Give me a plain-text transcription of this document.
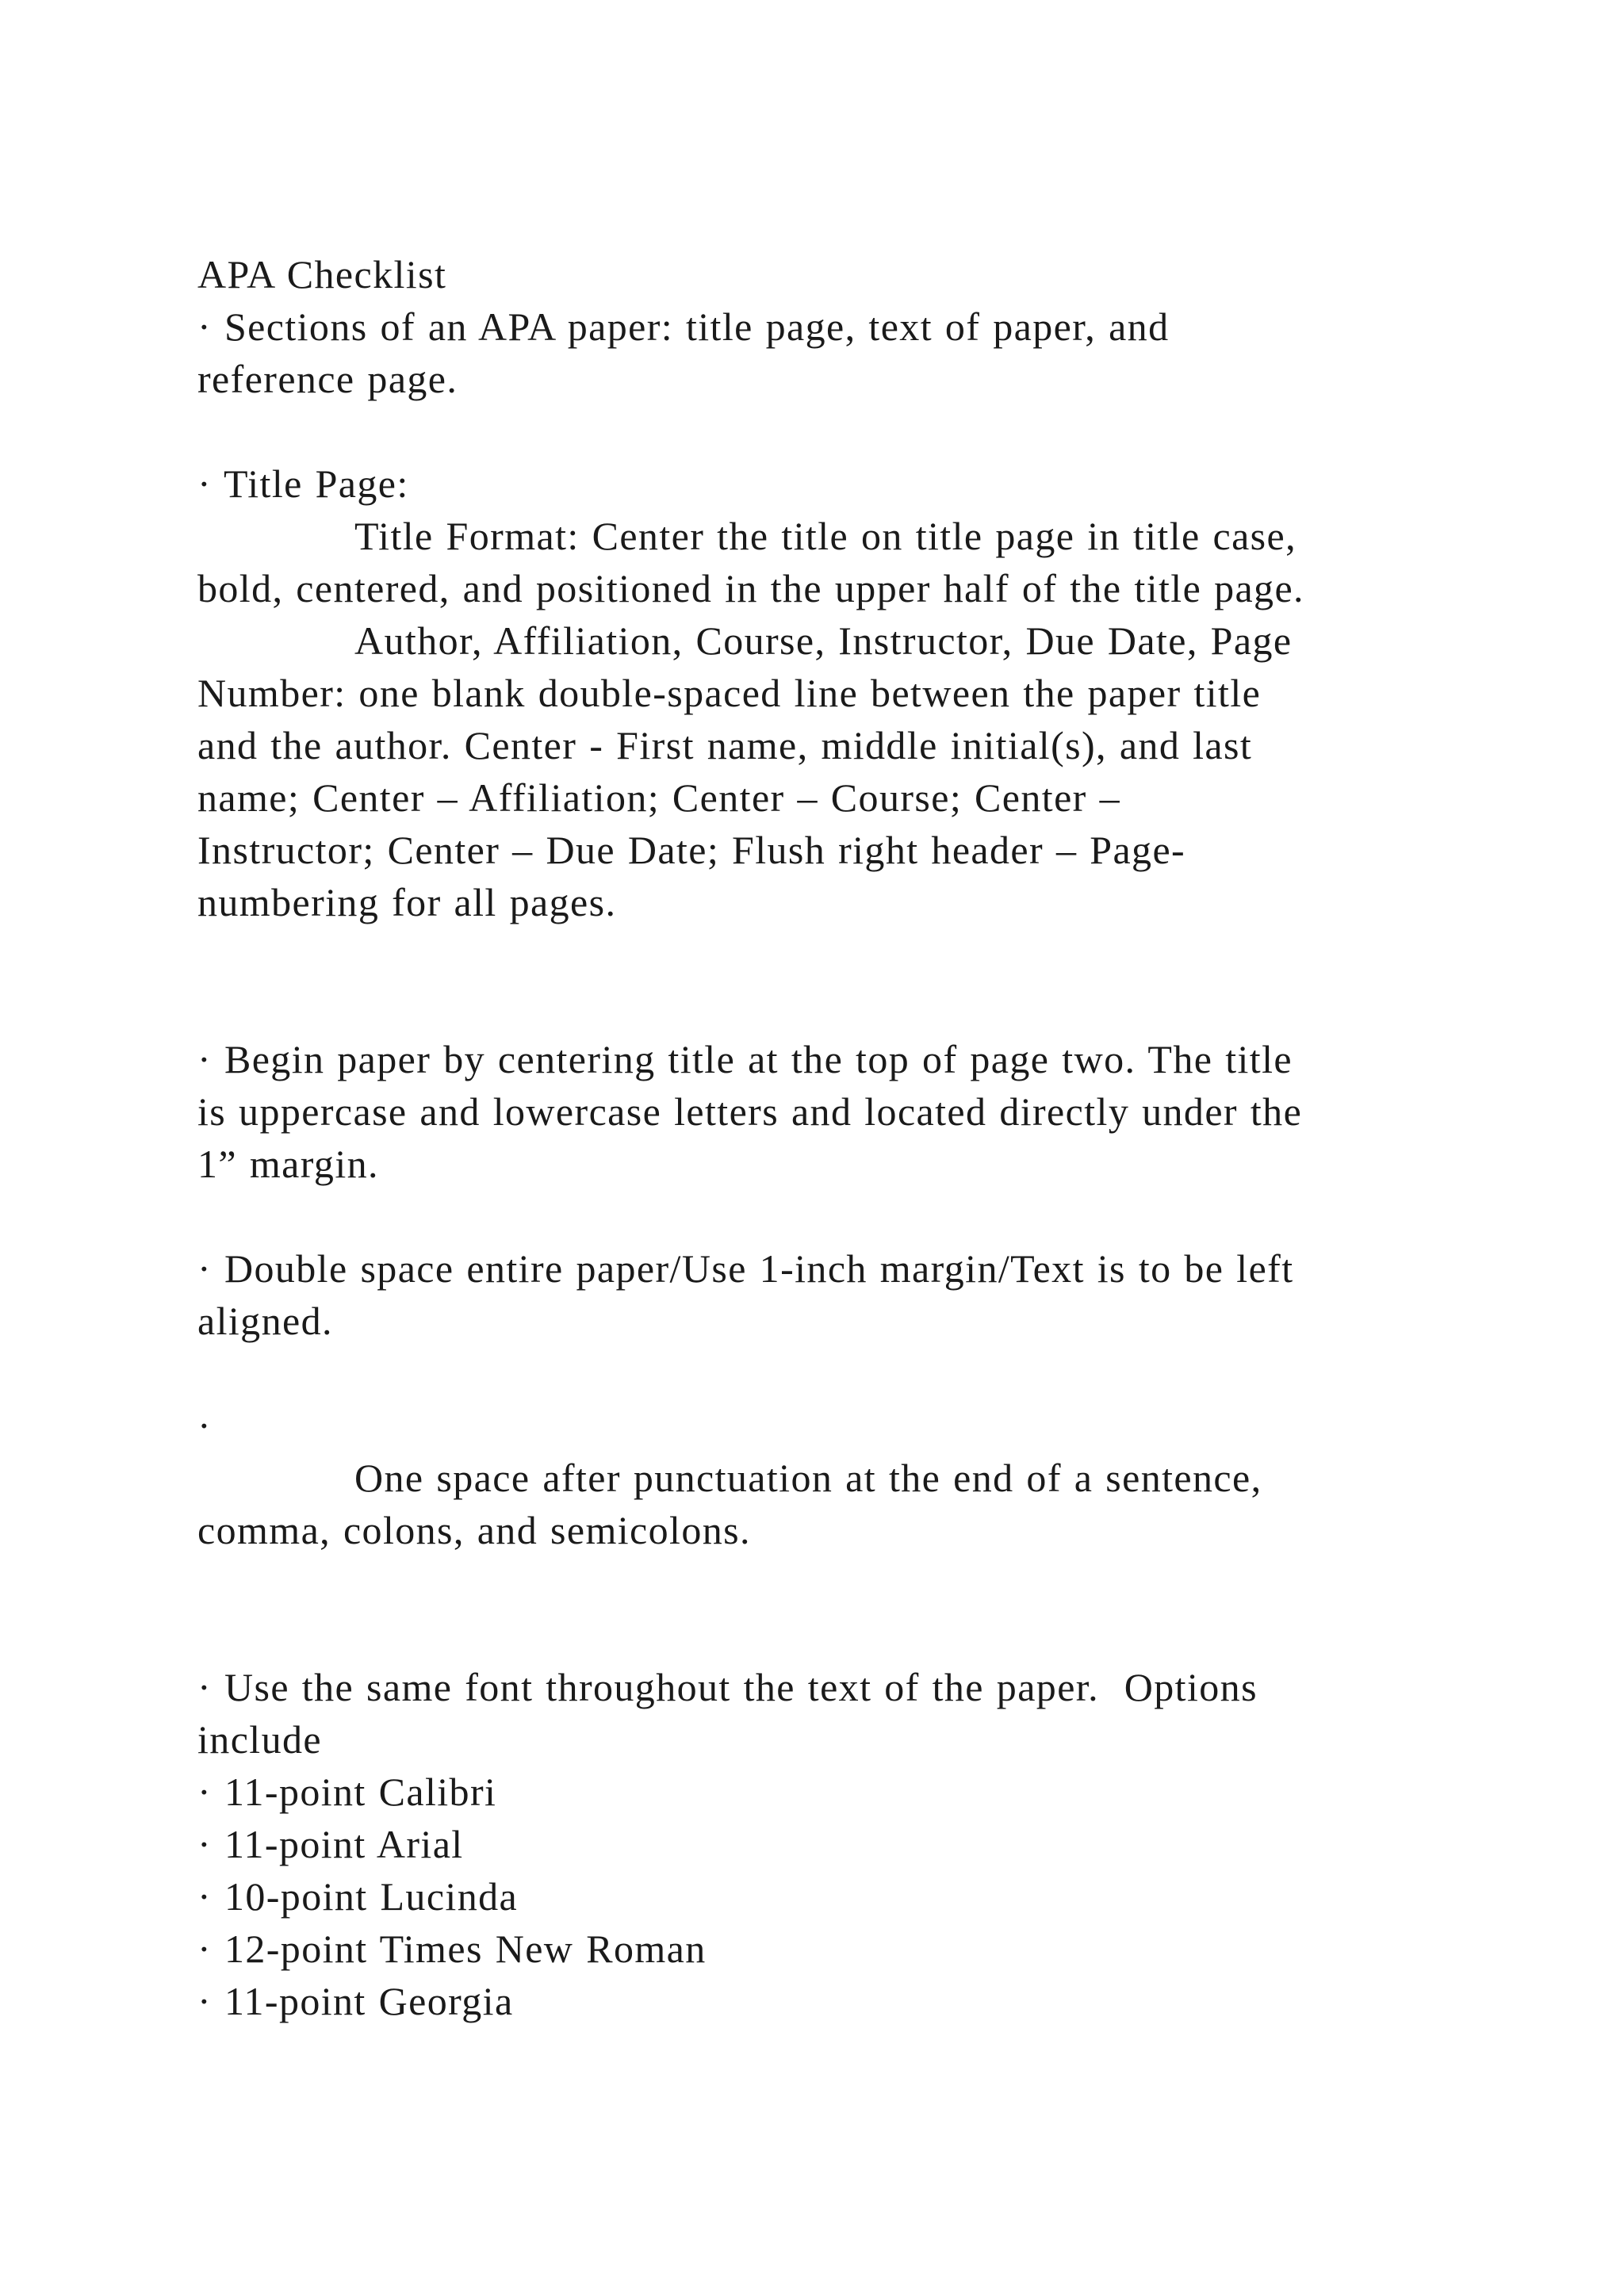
APA Checklist
· Sections of an APA paper: title page, text of paper, and
reference page.
· Title Page:
Title Format: Center the title on title page in title case,
bold, centered, and positioned in the upper half of the title page.
Author, Affiliation, Course, Instructor, Due Date, Page
Number: one blank double-spaced line between the paper title
and the author. Center - First name, middle initial(s), and last
name; Center – Affiliation; Center – Course; Center –
Instructor; Center – Due Date; Flush right header – Page-
numbering for all pages.
· Begin paper by centering title at the top of page two. The title
is uppercase and lowercase letters and located directly under the
1” margin.
· Double space entire paper/Use 1-inch margin/Text is to be left
aligned.
·
One space after punctuation at the end of a sentence,
comma, colons, and semicolons.
· Use the same font throughout the text of the paper.  Options
include
· 11-point Calibri
· 11-point Arial
· 10-point Lucinda
· 12-point Times New Roman
· 11-point Georgia
